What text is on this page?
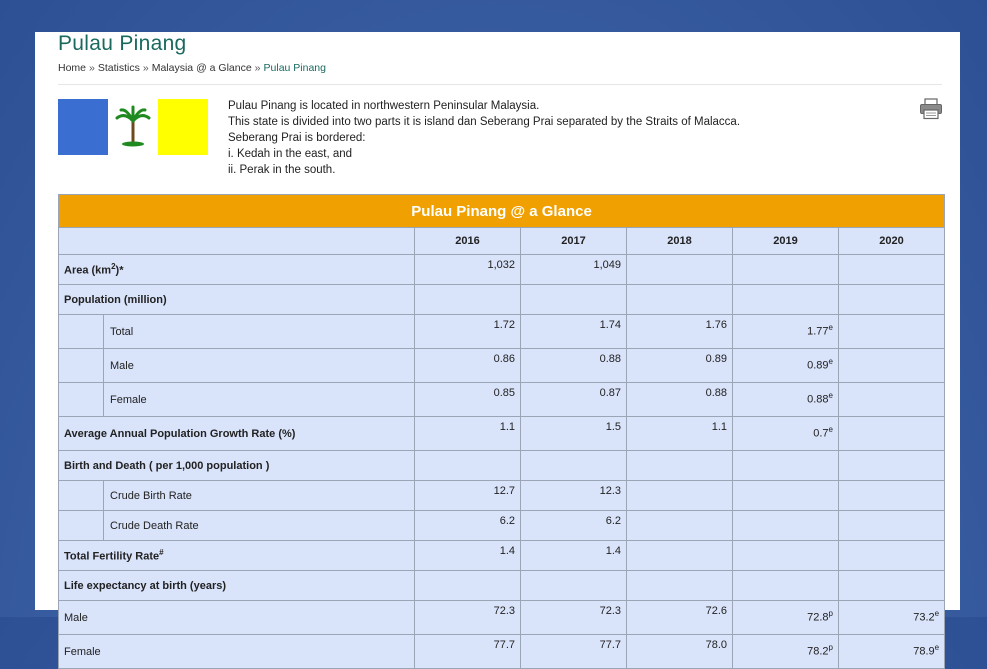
Pulau Pinang
Home » Statistics » Malaysia @ a Glance » Pulau Pinang
Pulau Pinang is located in northwestern Peninsular Malaysia.
This state is divided into two parts it is island dan Seberang Prai separated by the Straits of Malacca.
Seberang Prai is bordered:
i. Kedah in the east, and
ii. Perak in the south.
Pulau Pinang @ a Glance						
		2016	2017	2018	2019	2020
Area $(km^2)*$		1,032	1,049			
Population (million)						
	Total	1.72	1.74	1.76	1.77e	
	Male	0.86	0.88	0.89	0.89e	
	Female	0.85	0.87	0.88	0.88e	
Average Annual Population Growth Rate (%)		1.1	1.5	1.1	0.7e	
Birth and Death ( per 1,000 population )						
	Crude Birth Rate	12.7	12.3			
	Crude Death Rate	6.2	6.2			
Total Fertility Rate#		1.4	1.4			
Life expectancy at birth (years)						
Male		72.3	72.3	72.6	72.8$^p$	73.2e
Female		77.7	77.7	78.0	78.2$^p$	78.9e
